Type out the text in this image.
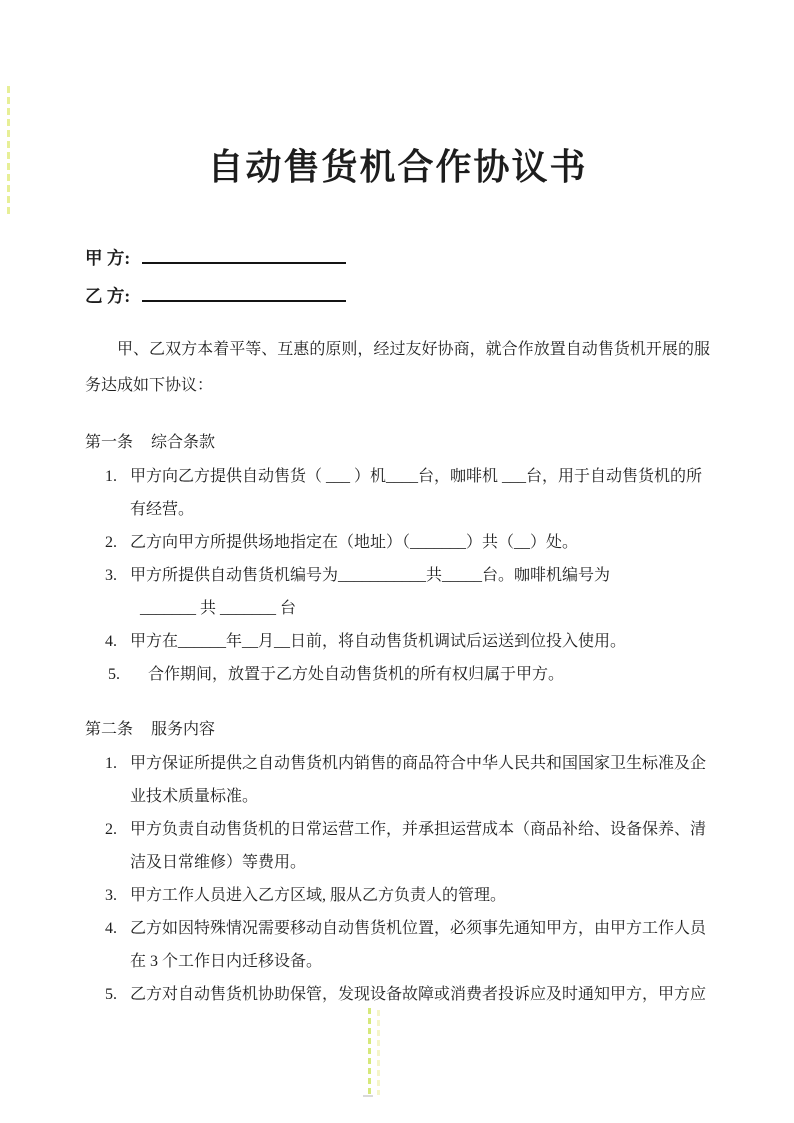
自动售货机合作协议书
甲 方:
乙 方:

甲、乙双方本着平等、互惠的原则，经过友好协商，就合作放置自动售货机开展的服务达成如下协议：

第一条 综合条款
1. 甲方向乙方提供自动售货（ ___ ）机____台，咖啡机 ___台，用于自动售货机的所有经营。
2. 乙方向甲方所提供场地指定在（地址）（_______）共（__）处。
3. 甲方所提供自动售货机编号为___________共_____台。咖啡机编号为
_______ 共 _______ 台
4. 甲方在______年__月__日前，将自动售货机调试后运送到位投入使用。
5.	合作期间，放置于乙方处自动售货机的所有权归属于甲方。
第二条 服务内容
1. 甲方保证所提供之自动售货机内销售的商品符合中华人民共和国国家卫生标准及企业技术质量标准。
2. 甲方负责自动售货机的日常运营工作，并承担运营成本（商品补给、设备保养、清洁及日常维修）等费用。
3. 甲方工作人员进入乙方区域, 服从乙方负责人的管理。
4. 乙方如因特殊情况需要移动自动售货机位置，必须事先通知甲方，由甲方工作人员在 3 个工作日内迁移设备。
5. 乙方对自动售货机协助保管，发现设备故障或消费者投诉应及时通知甲方，甲方应
